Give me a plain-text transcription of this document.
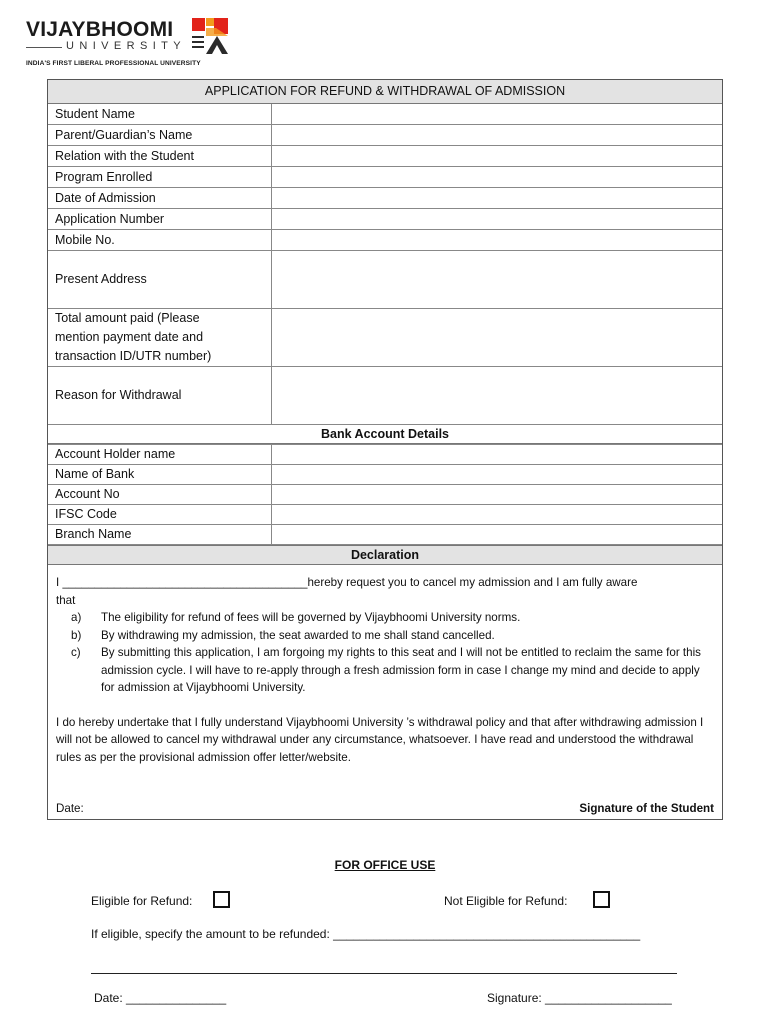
VIJAYBHOOMI
UNIVERSITY
INDIA'S FIRST LIBERAL PROFESSIONAL UNIVERSITY
APPLICATION FOR REFUND & WITHDRAWAL OF ADMISSION
Student Name
Parent/Guardian’s Name
Relation with the Student
Program Enrolled
Date of Admission
Application Number
Mobile No.
Present Address
Total amount paid (Please
mention payment date and
transaction ID/UTR number)
Reason for Withdrawal
Bank Account Details
Account Holder name
Name of Bank
Account No
IFSC Code
Branch Name
Declaration

I ______________________________________hereby request you to cancel my admission and I am fully aware

that

a)	The eligibility for refund of fees will be governed by Vijaybhoomi University norms.
b)	By withdrawing my admission, the seat awarded to me shall stand cancelled.
c)	By submitting this application, I am forgoing my rights to this seat and I will not be entitled to reclaim the same for this admission cycle. I will have to re-apply through a fresh admission form in case I change my mind and decide to apply for admission at Vijaybhoomi University.

I do hereby undertake that I fully understand Vijaybhoomi University ’s withdrawal policy and that after withdrawing admission I will not be allowed to cancel my withdrawal under any circumstance, whatsoever. I have read and understood the withdrawal rules as per the provisional admission offer letter/website.

Date:	Signature of the Student
FOR OFFICE USE
Eligible for Refund:	Not Eligible for Refund:
If eligible, specify the amount to be refunded: ______________________________________________
Date: _______________	Signature: ___________________
